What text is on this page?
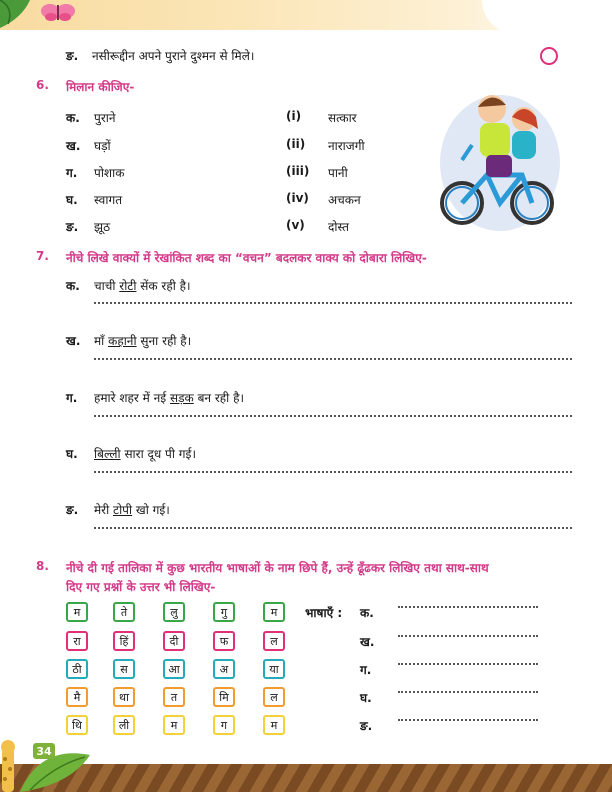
ङ. नसीरूद्दीन अपने पुराने दुश्मन से मिले।
6. मिलान कीजिए-
क. पुराने	(i) सत्कार
ख. घड़ों	(ii) नाराजगी
ग. पोशाक	(iii) पानी
घ. स्वागत	(iv) अचकन
ङ. झूठ	(v) दोस्त
7. नीचे लिखे वाक्यों में रेखांकित शब्द का “वचन” बदलकर वाक्य को दोबारा लिखिए-
क. चाची रोटी सेंक रही है।
ख. माँ कहानी सुना रही है।
ग. हमारे शहर में नई सड़क बन रही है।
घ. बिल्ली सारा दूध पी गई।
ङ. मेरी टोपी खो गई।
8. नीचे दी गई तालिका में कुछ भारतीय भाषाओं के नाम छिपे हैं, उन्हें ढूँढकर लिखिए तथा साथ-साथ
दिए गए प्रश्नों के उत्तर भी लिखिए-
म	ते	लु	गु	म
रा	हिं	दी	फ	ल
ठी	स	आ	अ	या
मै	था	त	मि	ल
थि	ली	म	ग	म
भाषाएँ : क.
ख.
ग.
घ.
ङ.
34
